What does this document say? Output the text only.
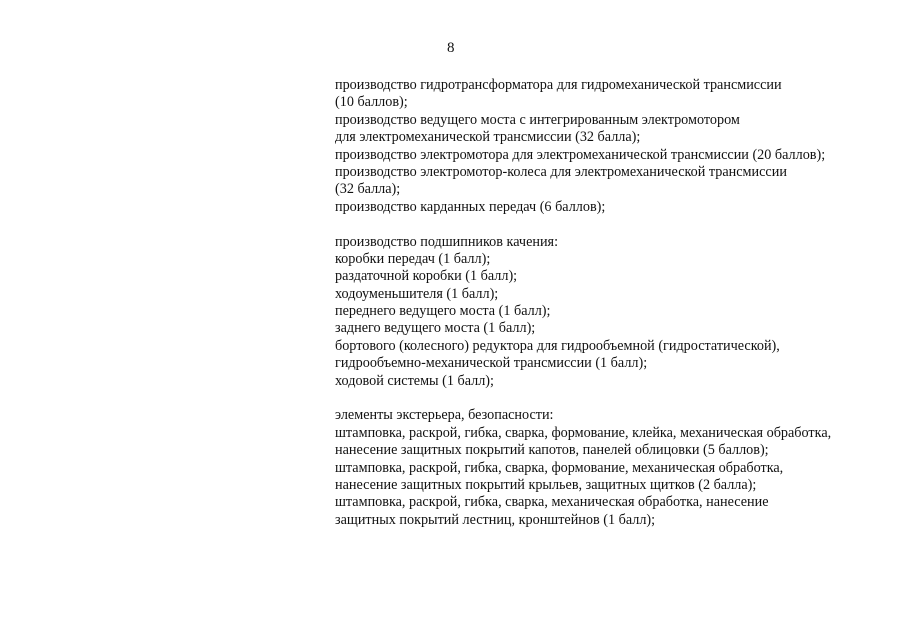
8
производство гидротрансформатора для гидромеханической трансмиссии
(10 баллов);
производство ведущего моста с интегрированным электромотором
для электромеханической трансмиссии (32 балла);
производство электромотора для электромеханической трансмиссии (20 баллов);
производство электромотор-колеса для электромеханической трансмиссии
(32 балла);
производство карданных передач (6 баллов);
производство подшипников качения:
коробки передач (1 балл);
раздаточной коробки (1 балл);
ходоуменьшителя (1 балл);
переднего ведущего моста (1 балл);
заднего ведущего моста (1 балл);
бортового (колесного) редуктора для гидрообъемной (гидростатической),
гидрообъемно-механической трансмиссии (1 балл);
ходовой системы (1 балл);
элементы экстерьера, безопасности:
штамповка, раскрой, гибка, сварка, формование, клейка, механическая обработка,
нанесение защитных покрытий капотов, панелей облицовки (5 баллов);
штамповка, раскрой, гибка, сварка, формование, механическая обработка,
нанесение защитных покрытий крыльев, защитных щитков (2 балла);
штамповка, раскрой, гибка, сварка, механическая обработка, нанесение
защитных покрытий лестниц, кронштейнов (1 балл);
